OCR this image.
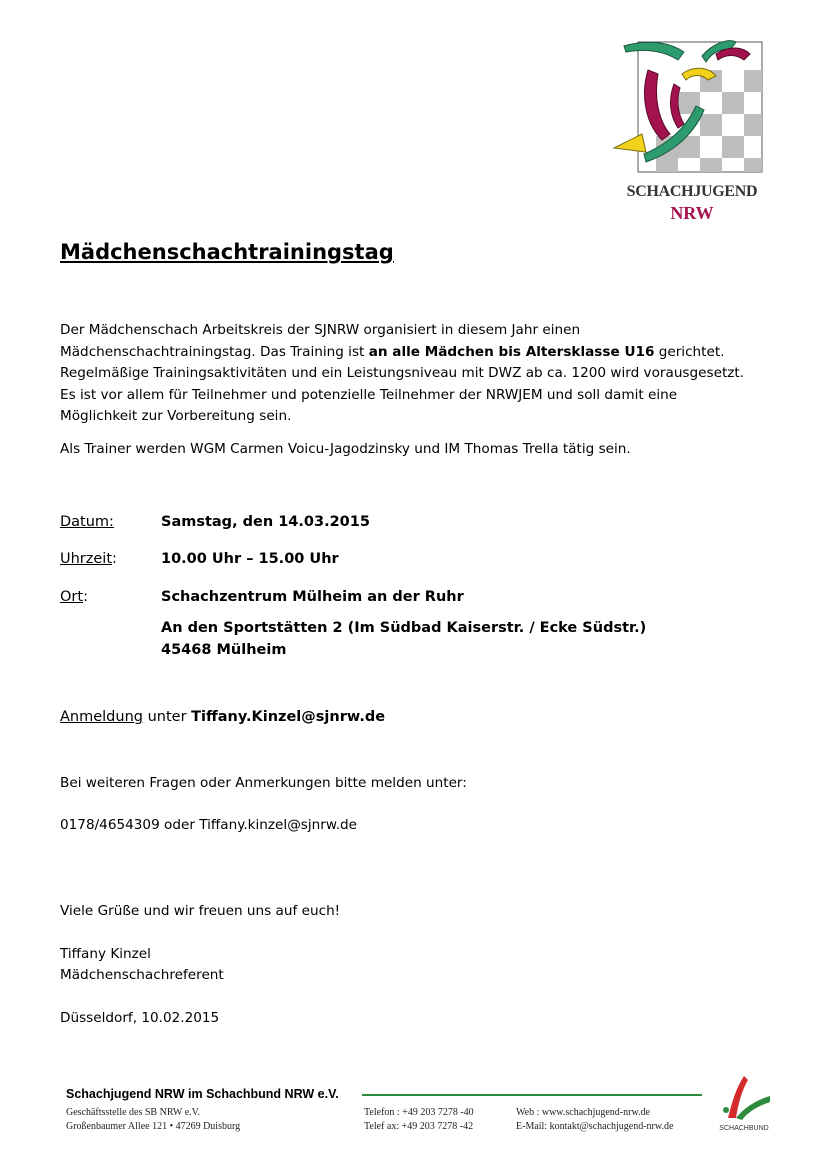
SCHACHJUGEND
NRW
Mädchenschachtrainingstag

Der Mädchenschach Arbeitskreis der SJNRW organisiert in diesem Jahr einen

Mädchenschachtrainingstag. Das Training ist an alle Mädchen bis Altersklasse U16 gerichtet.

Regelmäßige Trainingsaktivitäten und ein Leistungsniveau mit DWZ ab ca. 1200 wird vorausgesetzt.

Es ist vor allem für Teilnehmer und potenzielle Teilnehmer der NRWJEM und soll damit eine

Möglichkeit zur Vorbereitung sein.

Als Trainer werden WGM Carmen Voicu-Jagodzinsky und IM Thomas Trella tätig sein.
Datum:	Samstag, den 14.03.2015
Uhrzeit:	10.00 Uhr – 15.00 Uhr
Ort:	Schachzentrum Mülheim an der Ruhr
An den Sportstätten 2 (Im Südbad Kaiserstr. / Ecke Südstr.)
45468 Mülheim
Anmeldung unter Tiffany.Kinzel@sjnrw.de
Bei weiteren Fragen oder Anmerkungen bitte melden unter:
0178/4654309 oder Tiffany.kinzel@sjnrw.de
Viele Grüße und wir freuen uns auf euch!
Tiffany Kinzel
Mädchenschachreferent
Düsseldorf, 10.02.2015
Schachjugend NRW im Schachbund NRW e.V.
Geschäftsstelle des SB NRW e.V.
Großenbaumer Allee 121 • 47269 Duisburg
Telefon : +49 203 7278 -40
Telef ax: +49 203 7278 -42
Web : www.schachjugend-nrw.de
E-Mail: kontakt@schachjugend-nrw.de	SCHACHBUND
